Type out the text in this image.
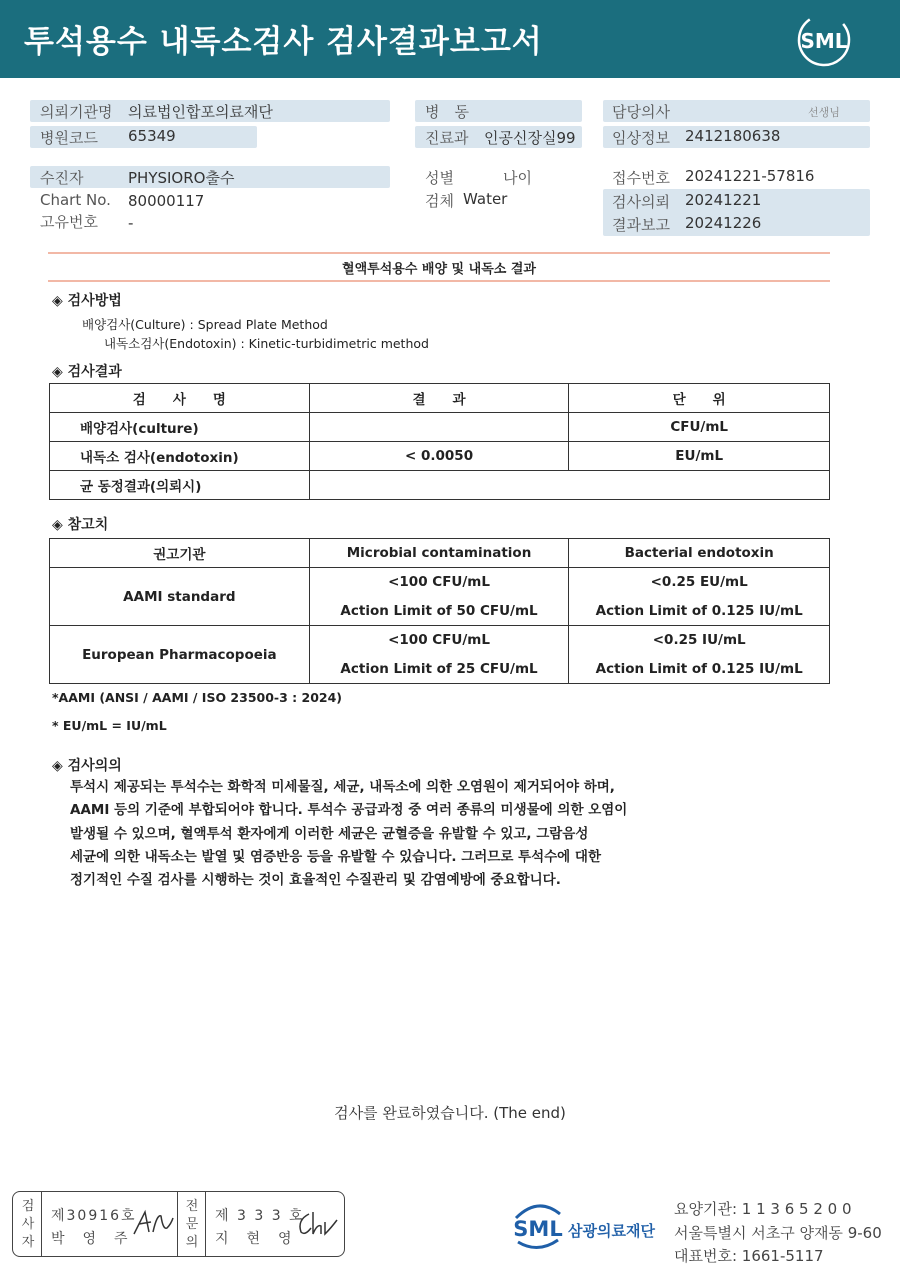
투석용수 내독소검사 검사결과보고서	SML
의뢰기관명 의료법인합포의료재단
병원코드 65349
병　동
진료과 인공신장실99
담당의사	선생님
임상정보 2412180638
수진자	PHYSIORO출수	성별	나이	접수번호 20241221-57816
Chart No. 80000117	검체 Water	검사의뢰 20241221
고유번호 -	결과보고 20241226
혈액투석용수 배양 및 내독소 결과
◈ 검사방법
배양검사(Culture) : Spread Plate Method
내독소검사(Endotoxin) : Kinetic-turbidimetric method
◈ 검사결과
검　　사　　명	결　　과	단　　위
배양검사(culture)		CFU/mL
내독소 검사(endotoxin)	< 0.0050	EU/mL
균 동정결과(의뢰시)		
◈ 참고치
권고기관	Microbial contamination	Bacterial endotoxin
AAMI standard	<100 CFU/mL	<0.25 EU/mL
	Action Limit of 50 CFU/mL	Action Limit of 0.125 IU/mL
European Pharmacopoeia	<100 CFU/mL	<0.25 IU/mL
	Action Limit of 25 CFU/mL	Action Limit of 0.125 IU/mL
*AAMI (ANSI / AAMI / ISO 23500-3 : 2024)
* EU/mL = IU/mL
◈ 검사의의
투석시 제공되는 투석수는 화학적 미세물질, 세균, 내독소에 의한 오염원이 제거되어야 하며,
AAMI 등의 기준에 부합되어야 합니다. 투석수 공급과정 중 여러 종류의 미생물에 의한 오염이
발생될 수 있으며, 혈액투석 환자에게 이러한 세균은 균혈증을 유발할 수 있고, 그람음성
세균에 의한 내독소는 발열 및 염증반응 등을 유발할 수 있습니다. 그러므로 투석수에 대한
정기적인 수질 검사를 시행하는 것이 효율적인 수질관리 및 감염예방에 중요합니다.
검사를 완료하였습니다. (The end)
검사자
제30916호
박　영　주
전문의
제 3 3 3 호
지　현　영	SML 삼광의료재단
요양기관: 1 1 3 6 5 2 0 0
서울특별시 서초구 양재동 9-60
대표번호: 1661-5117
